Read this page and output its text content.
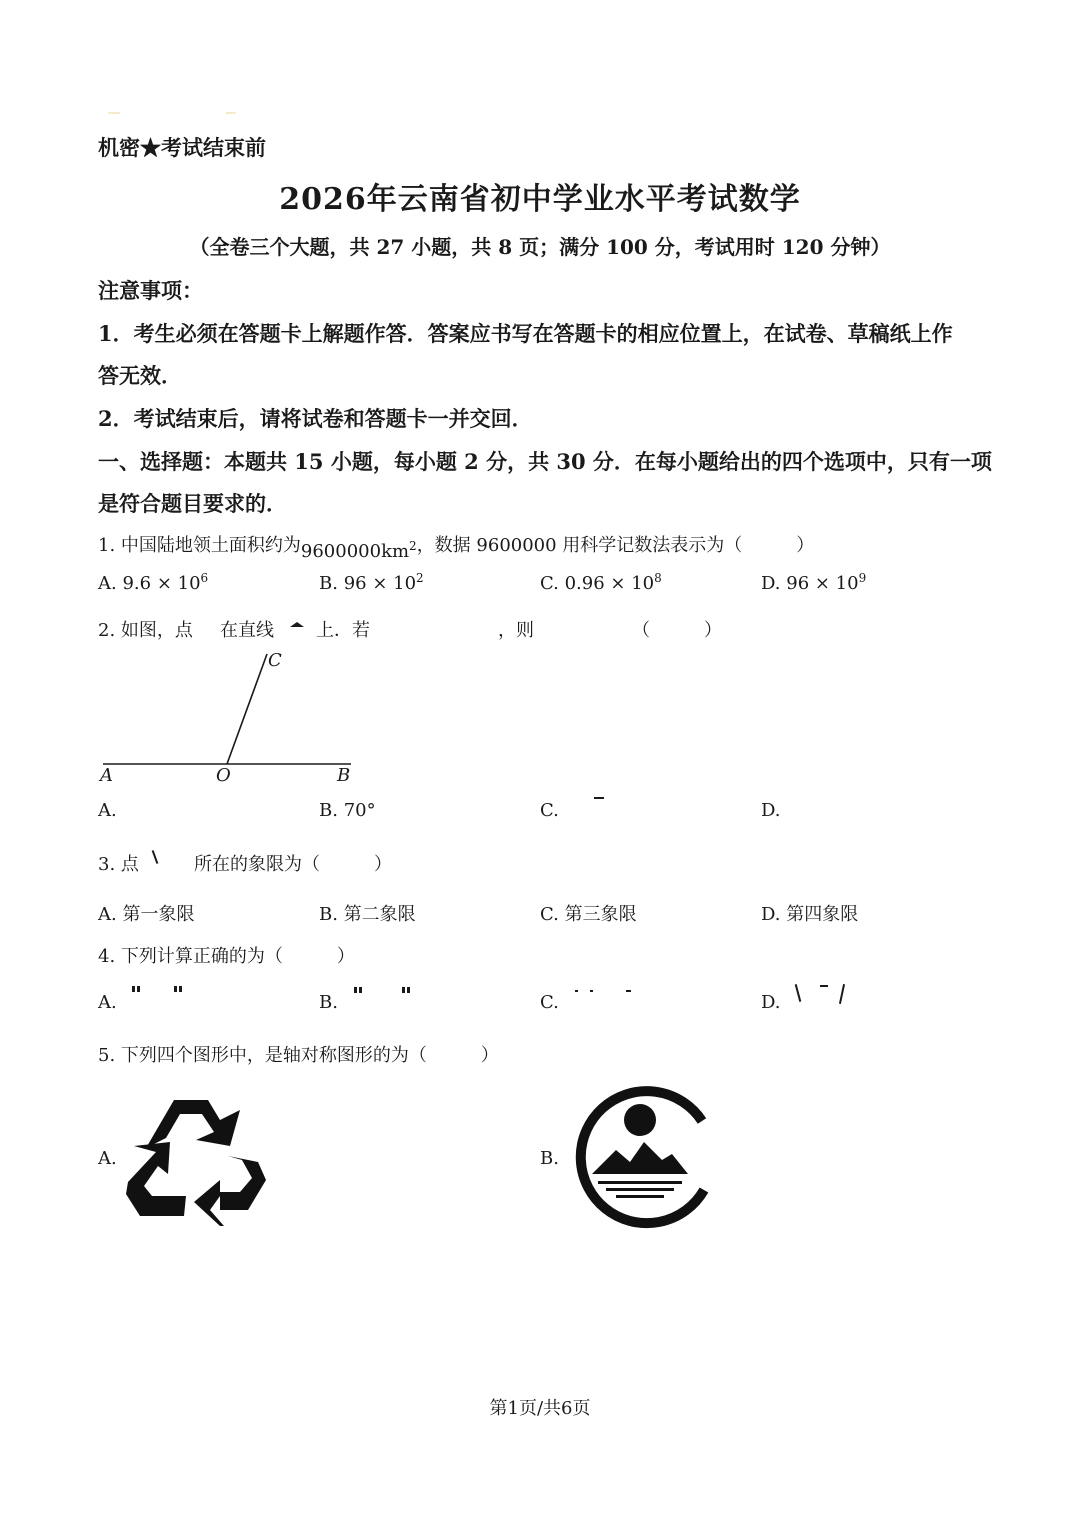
机密★考试结束前
2026年云南省初中学业水平考试数学
（全卷三个大题，共 27 小题，共 8 页；满分 100 分，考试用时 120 分钟）
注意事项：
1．考生必须在答题卡上解题作答．答案应书写在答题卡的相应位置上，在试卷、草稿纸上作
答无效．
2．考试结束后，请将试卷和答题卡一并交回．
一、选择题：本题共 15 小题，每小题 2 分，共 30 分．在每小题给出的四个选项中，只有一项
是符合题目要求的．
1. 中国陆地领土面积约为$9600000km^2$，数据 9600000 用科学记数法表示为（　　　）
A. $9.6 \times 10^6$	B. $96 \times 10^2$	C. $0.96 \times 10^8$	D. $96 \times 10^9$
2. 如图，点 在直线 上．若	，则	（　　　）
C
A	O	B
A.	B. 70°	C.	D.
3. 点	所在的象限为（　　　）
A. 第一象限	B. 第二象限	C. 第三象限	D. 第四象限
4. 下列计算正确的为（　　　）
A.	B.	C.	D.
5. 下列四个图形中，是轴对称图形的为（　　　）
A.	B.
第1页/共6页
